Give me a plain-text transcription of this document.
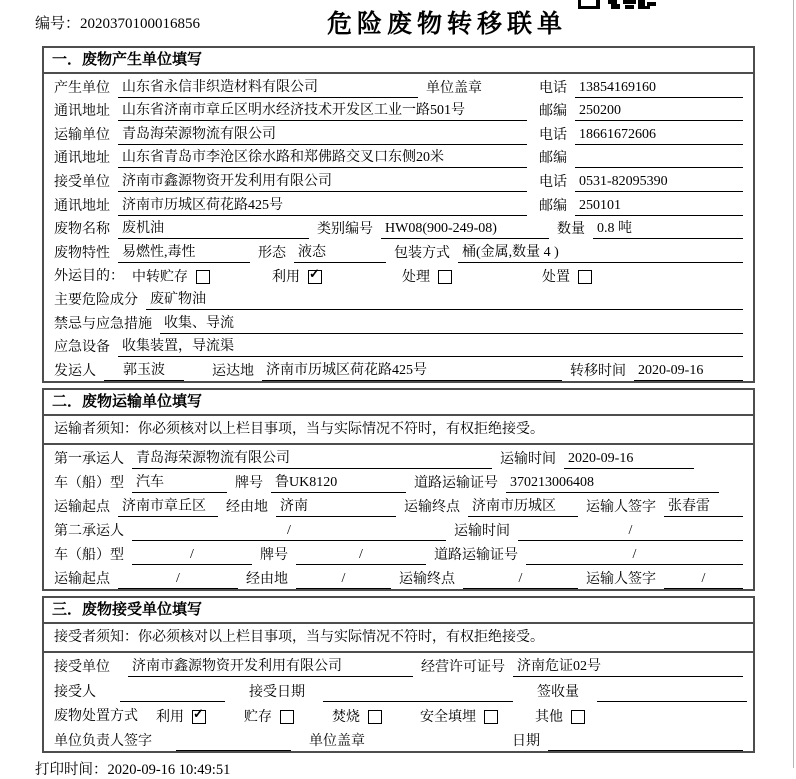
编号：2020370100016856	危险废物转移联单
一．废物产生单位填写
产生单位 山东省永信非织造材料有限公司	单位盖章	电话 13854169160
通讯地址 山东省济南市章丘区明水经济技术开发区工业一路501号	邮编 250200
运输单位 青岛海荣源物流有限公司	电话 18661672606
通讯地址 山东省青岛市李沧区徐水路和郑佛路交叉口东侧20米	邮编
接受单位 济南市鑫源物资开发利用有限公司	电话 0531-82095390
通讯地址 济南市历城区荷花路425号	邮编 250101
废物名称 废机油	类别编号 HW08(900-249-08)	数量 0.8 吨
废物特性 易燃性,毒性	形态 液态	包装方式 桶(金属,数量 4 )
外运目的： 中转贮存	利用 ✓	处理	处置
主要危险成分 废矿物油
禁忌与应急措施 收集、导流
应急设备 收集装置，导流渠
发运人	郭玉波	运达地 济南市历城区荷花路425号	转移时间 2020-09-16
二．废物运输单位填写
运输者须知：你必须核对以上栏目事项，当与实际情况不符时，有权拒绝接受。
第一承运人 青岛海荣源物流有限公司	运输时间 2020-09-16
车（船）型 汽车	牌号 鲁UK8120	道路运输证号 370213006408
运输起点 济南市章丘区	经由地 济南	运输终点 济南市历城区	运输人签字 张春雷
第二承运人	/	运输时间	/
车（船）型	/	牌号	/	道路运输证号	/
运输起点	/	经由地	/	运输终点	/	运输人签字	/
三．废物接受单位填写
接受者须知：你必须核对以上栏目事项，当与实际情况不符时，有权拒绝接受。
接受单位 济南市鑫源物资开发利用有限公司	经营许可证号 济南危证02号
接受人	接受日期	签收量
废物处置方式 利用 ✓	贮存	焚烧	安全填埋	其他
单位负责人签字	单位盖章	日期
打印时间：2020-09-16 10:49:51
